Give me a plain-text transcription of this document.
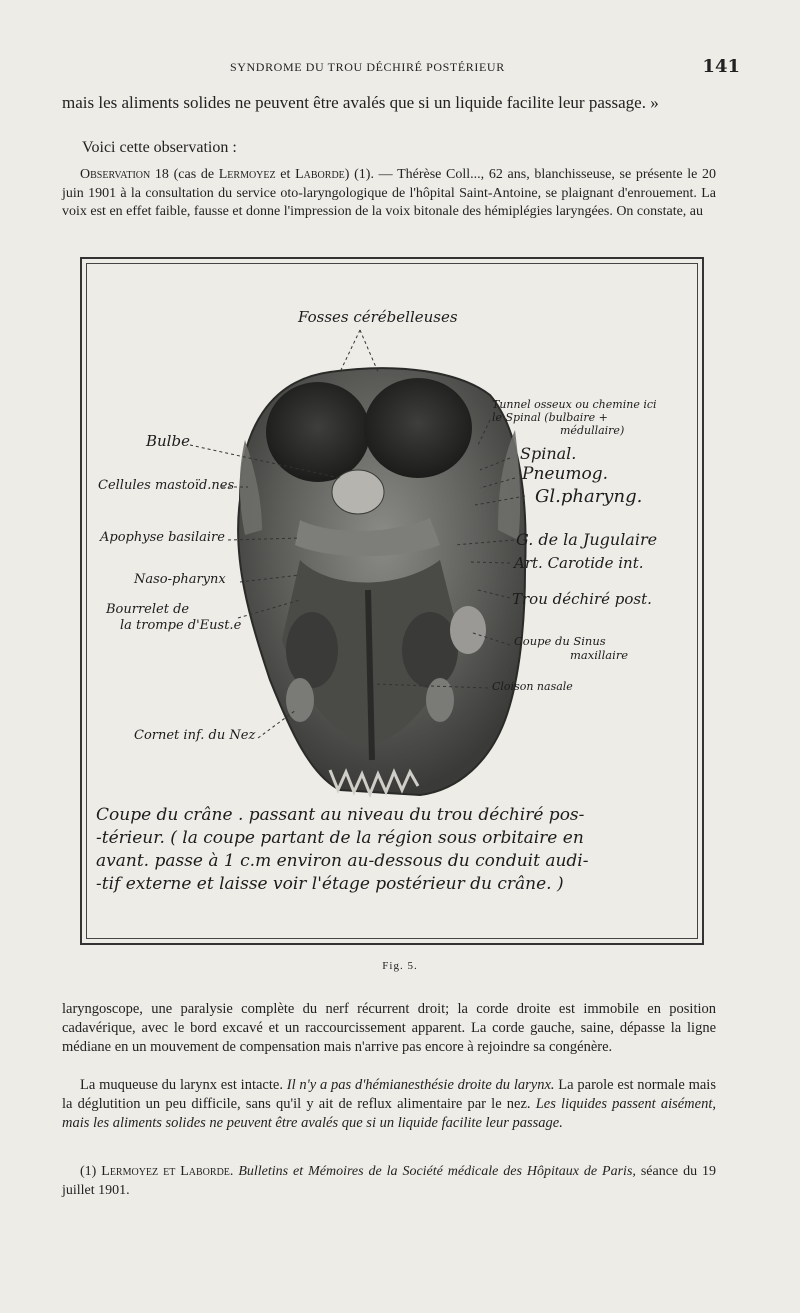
SYNDROME DU TROU DÉCHIRÉ POSTÉRIEUR	141
mais les aliments solides ne peuvent être avalés que si un liquide facilite leur passage. »
Voici cette observation :
Observation 18 (cas de Lermoyez et Laborde) (1). — Thérèse Coll..., 62 ans, blanchisseuse, se présente le 20 juin 1901 à la consultation du service oto-laryngologique de l'hôpital Saint-Antoine, se plaignant d'enrouement. La voix est en effet faible, fausse et donne l'impression de la voix bitonale des hémiplégies laryngées. On constate, au
Fosses cérébelleuses
Tunnel osseux ou chemine ici
le Spinal (bulbaire +
médullaire)
Bulbe
Spinal.
Cellules mastoïd.nes
Pneumog.
Gl.pharyng.
Apophyse basilaire	G. de la Jugulaire
Naso-pharynx
Art. Carotide int.
Bourrelet de
la trompe d'Eust.e
Trou déchiré post.
Coupe du Sinus
maxillaire
Cloison nasale
Cornet inf. du Nez
Coupe du crâne . passant au niveau du trou déchiré pos-
-térieur. ( la coupe partant de la région sous orbitaire en
avant. passe à 1 c.m environ au-dessous du conduit audi-
-tif externe et laisse voir l'étage postérieur du crâne. )
Fig. 5.
laryngoscope, une paralysie complète du nerf récurrent droit; la corde droite est immobile en position cadavérique, avec le bord excavé et un raccourcissement apparent. La corde gauche, saine, dépasse la ligne médiane en un mouvement de compensation mais n'arrive pas encore à rejoindre sa congénère.
La muqueuse du larynx est intacte. Il n'y a pas d'hémianesthésie droite du larynx. La parole est normale mais la déglutition un peu difficile, sans qu'il y ait de reflux alimentaire par le nez. Les liquides passent aisément, mais les aliments solides ne peuvent être avalés que si un liquide facilite leur passage.
(1) Lermoyez et Laborde. Bulletins et Mémoires de la Société médicale des Hôpitaux de Paris, séance du 19 juillet 1901.
